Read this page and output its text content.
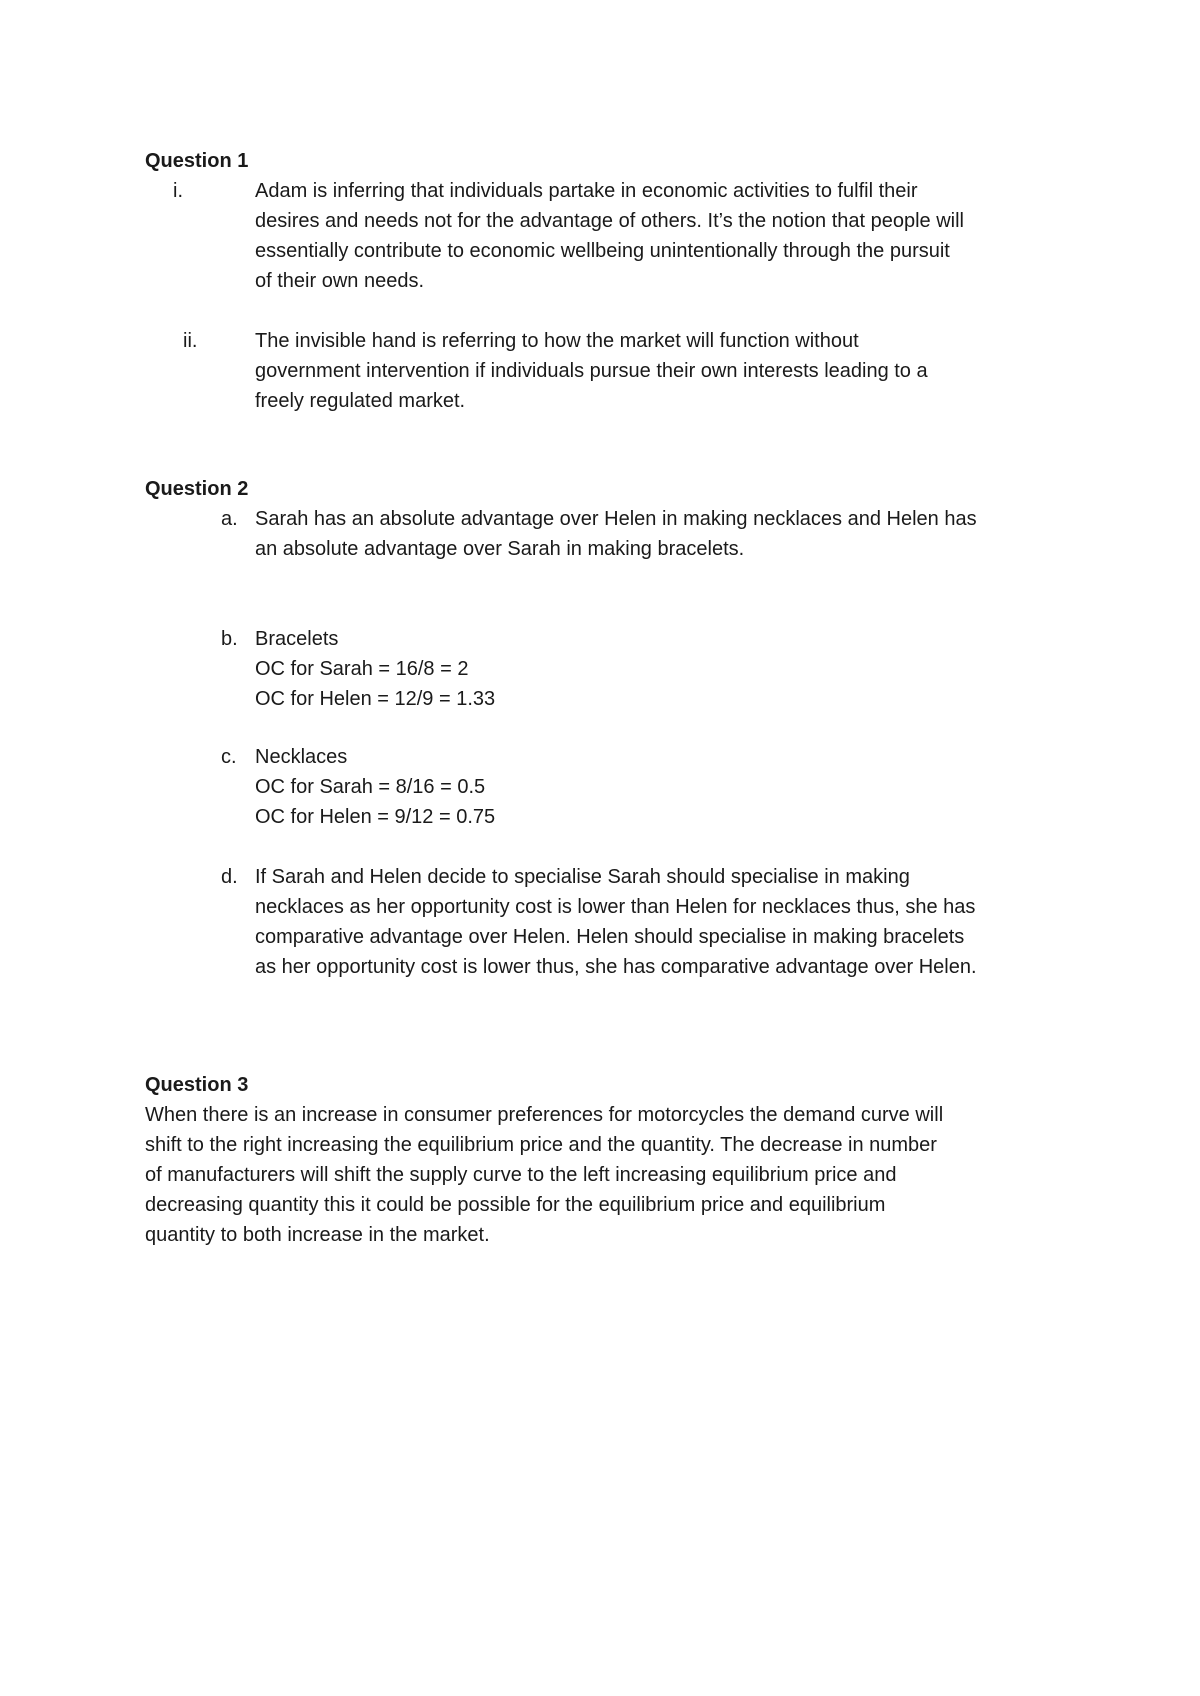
Question 1
i.	Adam is inferring that individuals partake in economic activities to fulfil their
desires and needs not for the advantage of others. It’s the notion that people will
essentially contribute to economic wellbeing unintentionally through the pursuit
of their own needs.
ii.	The invisible hand is referring to how the market will function without
government intervention if individuals pursue their own interests leading to a
freely regulated market.
Question 2
a. Sarah has an absolute advantage over Helen in making necklaces and Helen has
an absolute advantage over Sarah in making bracelets.
b. Bracelets
OC for Sarah = 16/8 = 2
OC for Helen = 12/9 = 1.33
c. Necklaces
OC for Sarah = 8/16 = 0.5
OC for Helen = 9/12 = 0.75
d. If Sarah and Helen decide to specialise Sarah should specialise in making
necklaces as her opportunity cost is lower than Helen for necklaces thus, she has
comparative advantage over Helen. Helen should specialise in making bracelets
as her opportunity cost is lower thus, she has comparative advantage over Helen.
Question 3
When there is an increase in consumer preferences for motorcycles the demand curve will
shift to the right increasing the equilibrium price and the quantity. The decrease in number
of manufacturers will shift the supply curve to the left increasing equilibrium price and
decreasing quantity this it could be possible for the equilibrium price and equilibrium
quantity to both increase in the market.
